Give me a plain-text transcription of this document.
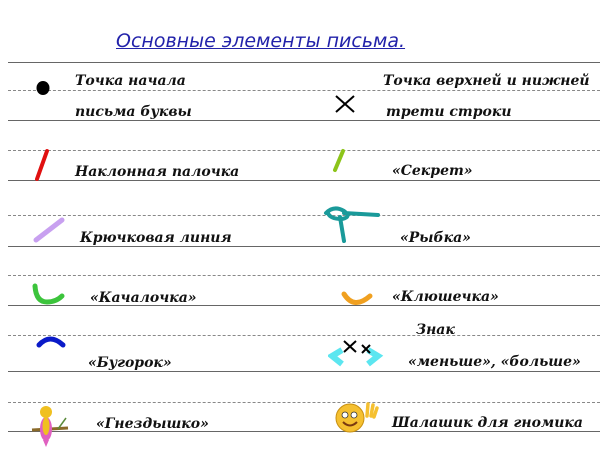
Основные элементы письма.
Точка начала
письма буквы
Наклонная палочка
Крючковая линия
«Качалочка»
«Бугорок»
«Гнездышко»
Точка верхней и нижней
трети строки
«Секрет»
«Рыбка»
«Клюшечка»
Знак
«меньше», «больше»
Шалашик для гномика
